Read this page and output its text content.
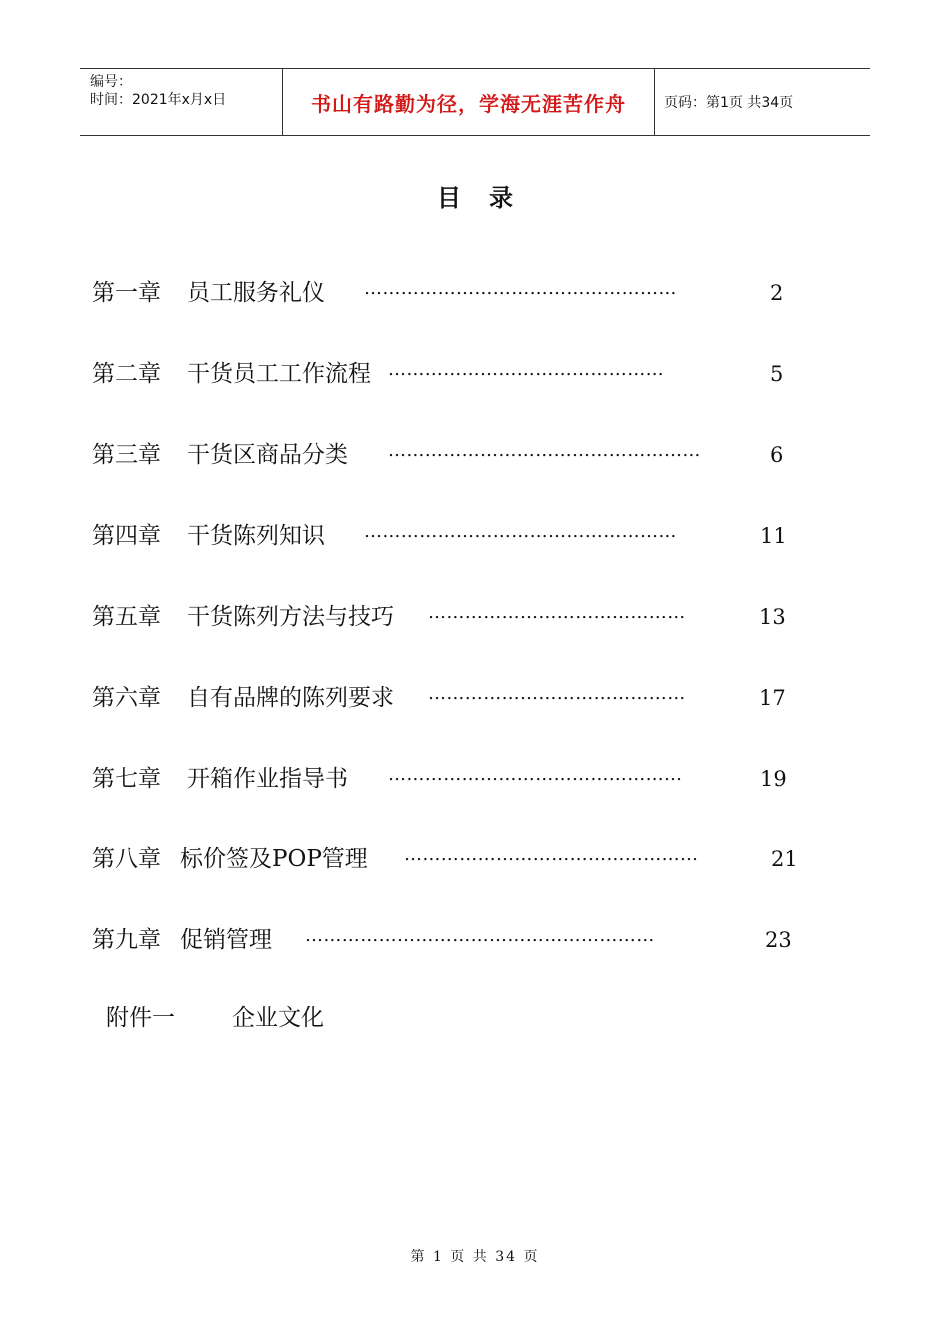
编号：
时间：2021年x月x日	书山有路勤为径，学海无涯苦作舟	页码：第1页 共34页
目录
第一章 员工服务礼仪 ……………………………………………	2
第二章 干货员工工作流程 ………………………………………	5
第三章 干货区商品分类 ……………………………………………	6
第四章 干货陈列知识 ……………………………………………	11
第五章 干货陈列方法与技巧 ……………………………………	13
第六章 自有品牌的陈列要求 ……………………………………	17
第七章 开箱作业指导书 …………………………………………	19
第八章 标价签及POP管理 …………………………………………	21
第九章 促销管理 …………………………………………………	23
附件一 企业文化
第 1 页 共 34 页
